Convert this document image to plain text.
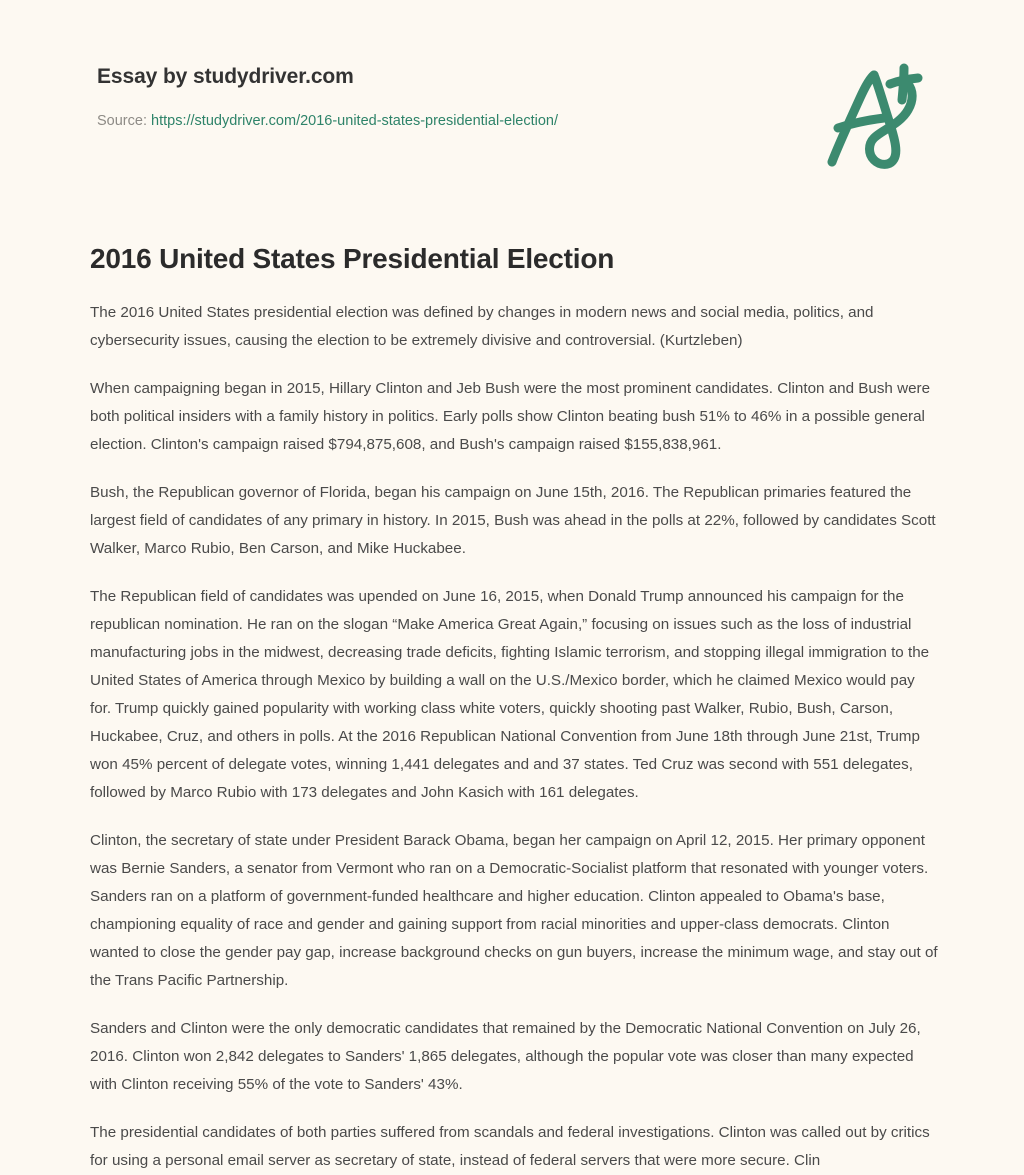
Essay by studydriver.com
Source: https://studydriver.com/2016-united-states-presidential-election/
2016 United States Presidential Election

The 2016 United States presidential election was defined by changes in modern news and social media, politics, and cybersecurity issues, causing the election to be extremely divisive and controversial. (Kurtzleben)

When campaigning began in 2015, Hillary Clinton and Jeb Bush were the most prominent candidates. Clinton and Bush were both political insiders with a family history in politics. Early polls show Clinton beating bush 51% to 46% in a possible general election. Clinton's campaign raised $794,875,608, and Bush's campaign raised $155,838,961.

Bush, the Republican governor of Florida, began his campaign on June 15th, 2016. The Republican primaries featured the largest field of candidates of any primary in history. In 2015, Bush was ahead in the polls at 22%, followed by candidates Scott Walker, Marco Rubio, Ben Carson, and Mike Huckabee.

The Republican field of candidates was upended on June 16, 2015, when Donald Trump announced his campaign for the republican nomination. He ran on the slogan “Make America Great Again,” focusing on issues such as the loss of industrial manufacturing jobs in the midwest, decreasing trade deficits, fighting Islamic terrorism, and stopping illegal immigration to the United States of America through Mexico by building a wall on the U.S./Mexico border, which he claimed Mexico would pay for. Trump quickly gained popularity with working class white voters, quickly shooting past Walker, Rubio, Bush, Carson, Huckabee, Cruz, and others in polls. At the 2016 Republican National Convention from June 18th through June 21st, Trump won 45% percent of delegate votes, winning 1,441 delegates and and 37 states. Ted Cruz was second with 551 delegates, followed by Marco Rubio with 173 delegates and John Kasich with 161 delegates.

Clinton, the secretary of state under President Barack Obama, began her campaign on April 12, 2015. Her primary opponent was Bernie Sanders, a senator from Vermont who ran on a Democratic-Socialist platform that resonated with younger voters. Sanders ran on a platform of government-funded healthcare and higher education. Clinton appealed to Obama's base, championing equality of race and gender and gaining support from racial minorities and upper-class democrats. Clinton wanted to close the gender pay gap, increase background checks on gun buyers, increase the minimum wage, and stay out of the Trans Pacific Partnership.

Sanders and Clinton were the only democratic candidates that remained by the Democratic National Convention on July 26, 2016. Clinton won 2,842 delegates to Sanders' 1,865 delegates, although the popular vote was closer than many expected with Clinton receiving 55% of the vote to Sanders' 43%.

The presidential candidates of both parties suffered from scandals and federal investigations. Clinton was called out by critics for using a personal email server as secretary of state, instead of federal servers that were more secure. Clin
